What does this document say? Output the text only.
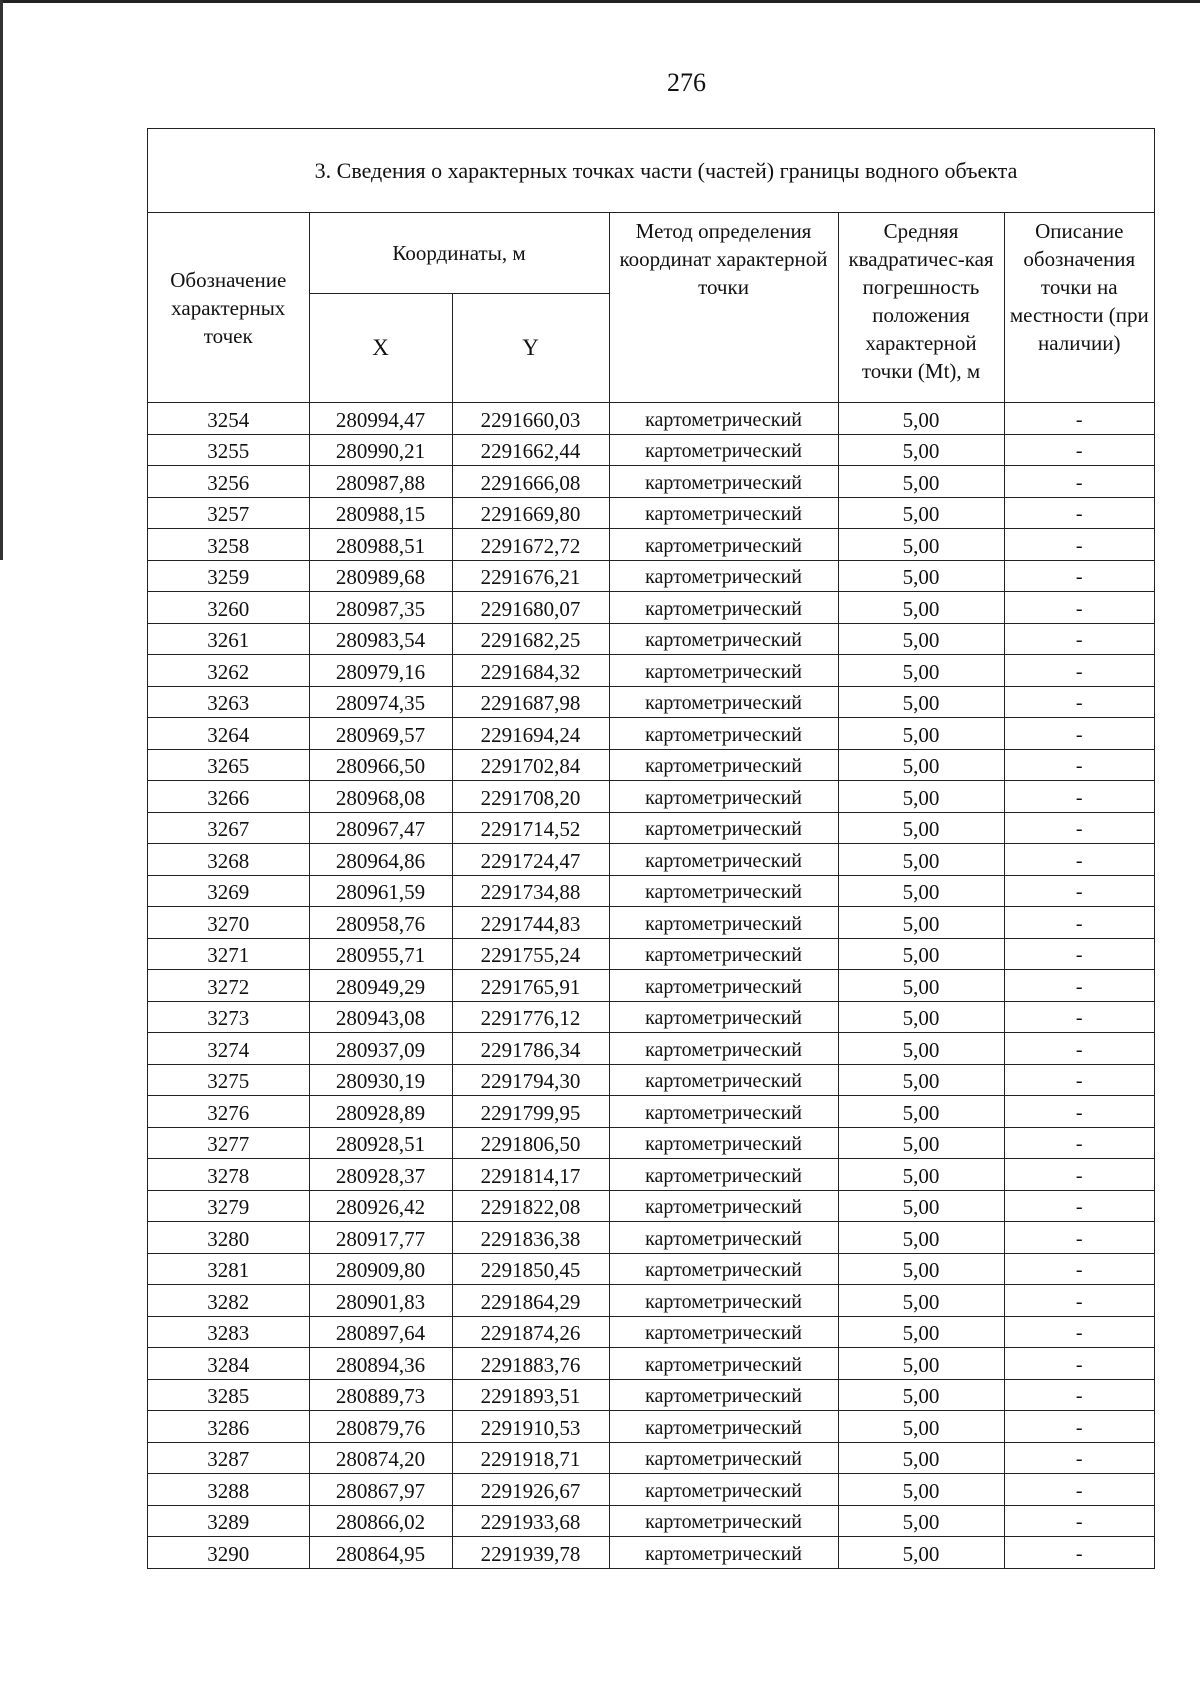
276
3. Сведения о характерных точках части (частей) границы водного объекта
Обозначение характерных точек	Координаты, м		Метод определения координат характерной точки	Средняя квадратичес-кая погрешность положения характерной точки (Mt), м	Описание обозначения точки на местности (при наличии)
	X	Y			
3254	280994,47	2291660,03	картометрический	5,00	-
3255	280990,21	2291662,44	картометрический	5,00	-
3256	280987,88	2291666,08	картометрический	5,00	-
3257	280988,15	2291669,80	картометрический	5,00	-
3258	280988,51	2291672,72	картометрический	5,00	-
3259	280989,68	2291676,21	картометрический	5,00	-
3260	280987,35	2291680,07	картометрический	5,00	-
3261	280983,54	2291682,25	картометрический	5,00	-
3262	280979,16	2291684,32	картометрический	5,00	-
3263	280974,35	2291687,98	картометрический	5,00	-
3264	280969,57	2291694,24	картометрический	5,00	-
3265	280966,50	2291702,84	картометрический	5,00	-
3266	280968,08	2291708,20	картометрический	5,00	-
3267	280967,47	2291714,52	картометрический	5,00	-
3268	280964,86	2291724,47	картометрический	5,00	-
3269	280961,59	2291734,88	картометрический	5,00	-
3270	280958,76	2291744,83	картометрический	5,00	-
3271	280955,71	2291755,24	картометрический	5,00	-
3272	280949,29	2291765,91	картометрический	5,00	-
3273	280943,08	2291776,12	картометрический	5,00	-
3274	280937,09	2291786,34	картометрический	5,00	-
3275	280930,19	2291794,30	картометрический	5,00	-
3276	280928,89	2291799,95	картометрический	5,00	-
3277	280928,51	2291806,50	картометрический	5,00	-
3278	280928,37	2291814,17	картометрический	5,00	-
3279	280926,42	2291822,08	картометрический	5,00	-
3280	280917,77	2291836,38	картометрический	5,00	-
3281	280909,80	2291850,45	картометрический	5,00	-
3282	280901,83	2291864,29	картометрический	5,00	-
3283	280897,64	2291874,26	картометрический	5,00	-
3284	280894,36	2291883,76	картометрический	5,00	-
3285	280889,73	2291893,51	картометрический	5,00	-
3286	280879,76	2291910,53	картометрический	5,00	-
3287	280874,20	2291918,71	картометрический	5,00	-
3288	280867,97	2291926,67	картометрический	5,00	-
3289	280866,02	2291933,68	картометрический	5,00	-
3290	280864,95	2291939,78	картометрический	5,00	-
